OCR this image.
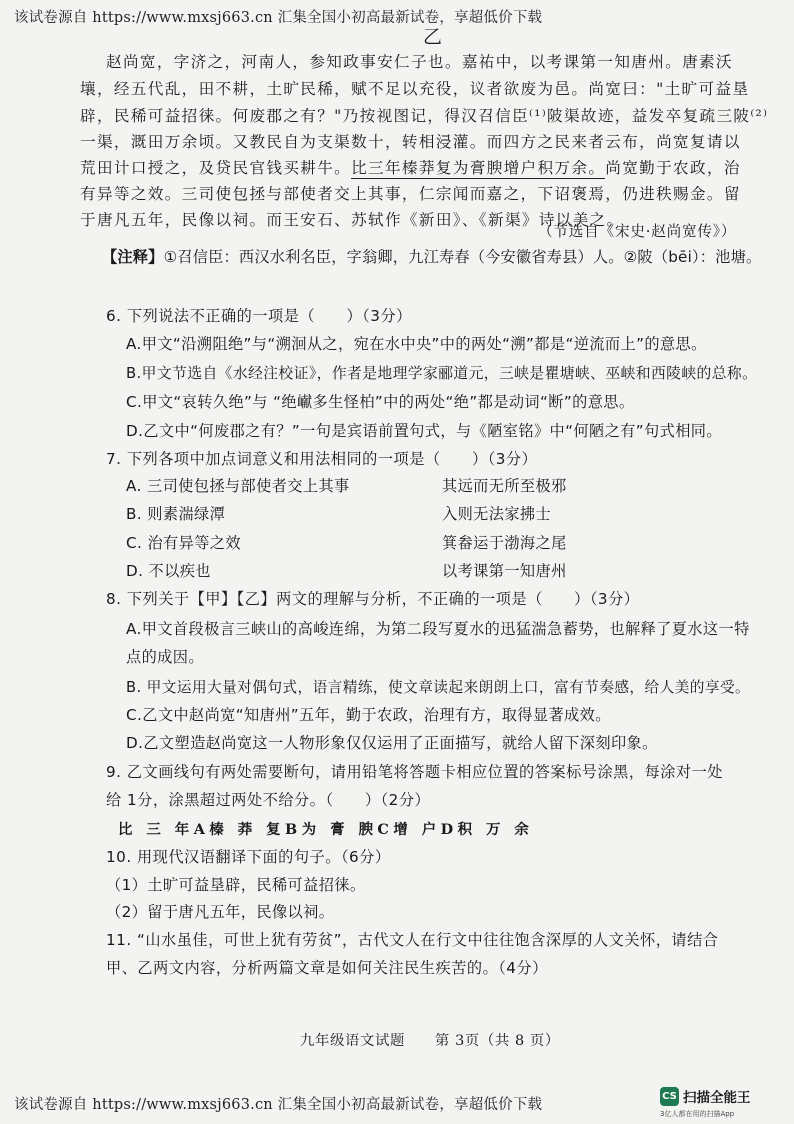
该试卷源自 https://www.mxsj663.cn 汇集全国小初高最新试卷，享超低价下载
乙
赵尚宽，字济之，河南人，参知政事安仁子也。嘉祐中，以考课第一知唐州。唐素沃
壤，经五代乱，田不耕，土旷民稀，赋不足以充役，议者欲废为邑。尚宽曰："土旷可益垦
辟，民稀可益招徕。何废郡之有？"乃按视图记，得汉召信臣⁽¹⁾陂渠故迹，益发卒复疏三陂⁽²⁾
一渠，溉田万余顷。又教民自为支渠数十，转相浸灌。而四方之民来者云布，尚宽复请以
荒田计口授之，及贷民官钱买耕牛。比三年榛莽复为膏腴增户积万余。尚宽勤于农政，治
有异等之效。三司使包拯与部使者交上其事，仁宗闻而嘉之，下诏褒焉，仍进秩赐金。留
于唐凡五年，民像以祠。而王安石、苏轼作《新田》、《新渠》诗以美之。
（节选自《宋史·赵尚宽传》）
【注释】①召信臣：西汉水利名臣，字翁卿，九江寿春（今安徽省寿县）人。②陂（bēi）：池塘。
6. 下列说法不正确的一项是（　　）（3分）
A.甲文“沿溯阻绝”与“溯洄从之，宛在水中央”中的两处“溯”都是“逆流而上”的意思。
B.甲文节选自《水经注校证》，作者是地理学家郦道元，三峡是瞿塘峡、巫峡和西陵峡的总称。
C.甲文“哀转久绝”与 “绝𪩘多生怪柏”中的两处“绝”都是动词“断”的意思。
D.乙文中“何废郡之有？”一句是宾语前置句式，与《陋室铭》中“何陋之有”句式相同。
7. 下列各项中加点词意义和用法相同的一项是（　　）（3分）
A. 三司使包拯与部使者交上其事	其远而无所至极邪
B. 则素湍绿潭	入则无法家拂士
C. 治有异等之效	箕畚运于渤海之尾
D. 不以疾也	以考课第一知唐州
8. 下列关于【甲】【乙】两文的理解与分析，不正确的一项是（　　）（3分）
A.甲文首段极言三峡山的高峻连绵，为第二段写夏水的迅猛湍急蓄势，也解释了夏水这一特
点的成因。
B. 甲文运用大量对偶句式，语言精练，使文章读起来朗朗上口，富有节奏感，给人美的享受。
C.乙文中赵尚宽“知唐州”五年，勤于农政，治理有方，取得显著成效。
D.乙文塑造赵尚宽这一人物形象仅仅运用了正面描写，就给人留下深刻印象。
9. 乙文画线句有两处需要断句，请用铅笔将答题卡相应位置的答案标号涂黑，每涂对一处
给 1分，涂黑超过两处不给分。（　　）（2分）
比 三 年A榛 莽 复B为 膏 腴C增 户D积 万 余
10. 用现代汉语翻译下面的句子。（6分）
（1）土旷可益垦辟，民稀可益招徕。
（2）留于唐凡五年，民像以祠。
11. “山水虽佳，可世上犹有劳贫”，古代文人在行文中往往饱含深厚的人文关怀，请结合
甲、乙两文内容，分析两篇文章是如何关注民生疾苦的。（4分）
九年级语文试题　　第 3页（共 8 页）
该试卷源自 https://www.mxsj663.cn 汇集全国小初高最新试卷，享超低价下载
CS 扫描全能王
3亿人都在用的扫描App
